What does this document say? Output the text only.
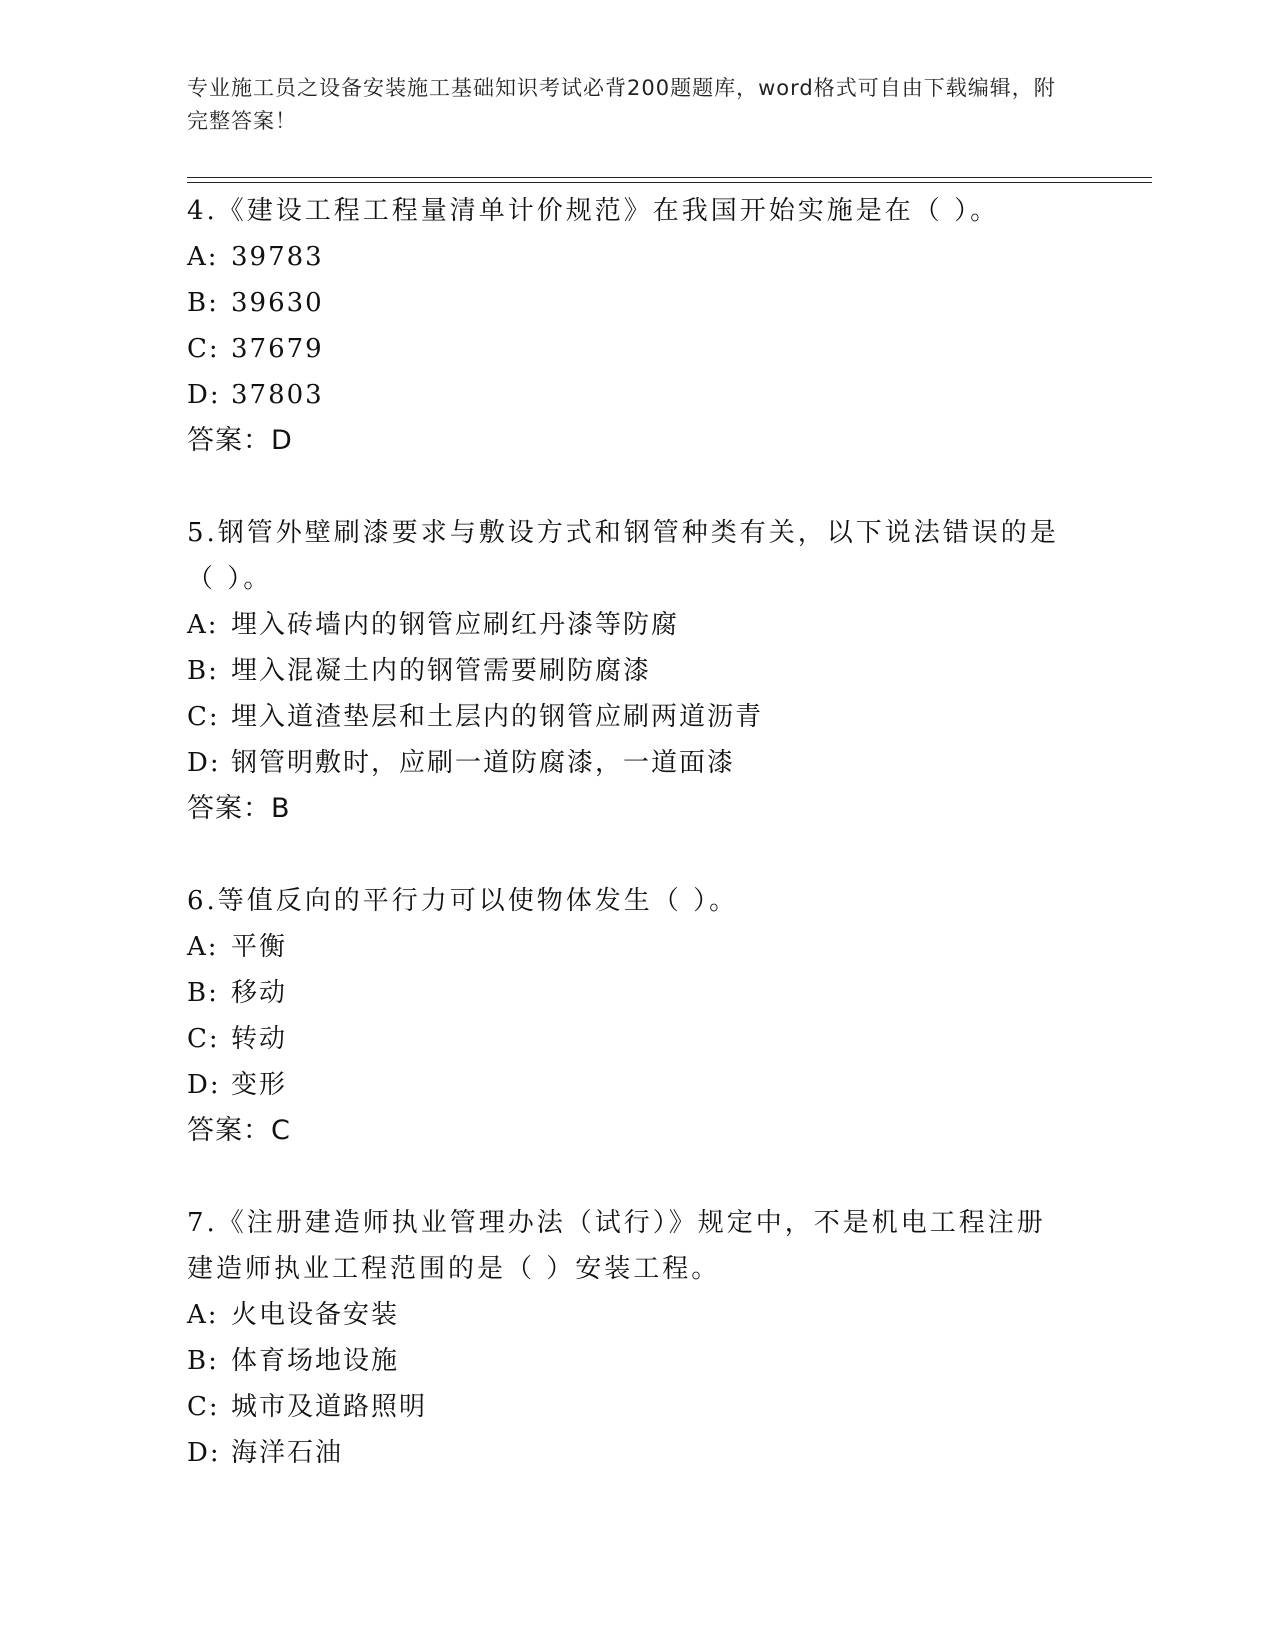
专业施工员之设备安装施工基础知识考试必背200题题库，word格式可自由下载编辑，附完整答案！
4.《建设工程工程量清单计价规范》在我国开始实施是在（ ）。
A: 39783
B: 39630
C: 37679
D: 37803
答案：D
5.钢管外壁刷漆要求与敷设方式和钢管种类有关，以下说法错误的是（ ）。
A: 埋入砖墙内的钢管应刷红丹漆等防腐
B: 埋入混凝土内的钢管需要刷防腐漆
C: 埋入道渣垫层和土层内的钢管应刷两道沥青
D: 钢管明敷时，应刷一道防腐漆，一道面漆
答案：B
6.等值反向的平行力可以使物体发生（ ）。
A: 平衡
B: 移动
C: 转动
D: 变形
答案：C
7.《注册建造师执业管理办法（试行）》规定中，不是机电工程注册建造师执业工程范围的是（ ）安装工程。
A: 火电设备安装
B: 体育场地设施
C: 城市及道路照明
D: 海洋石油
